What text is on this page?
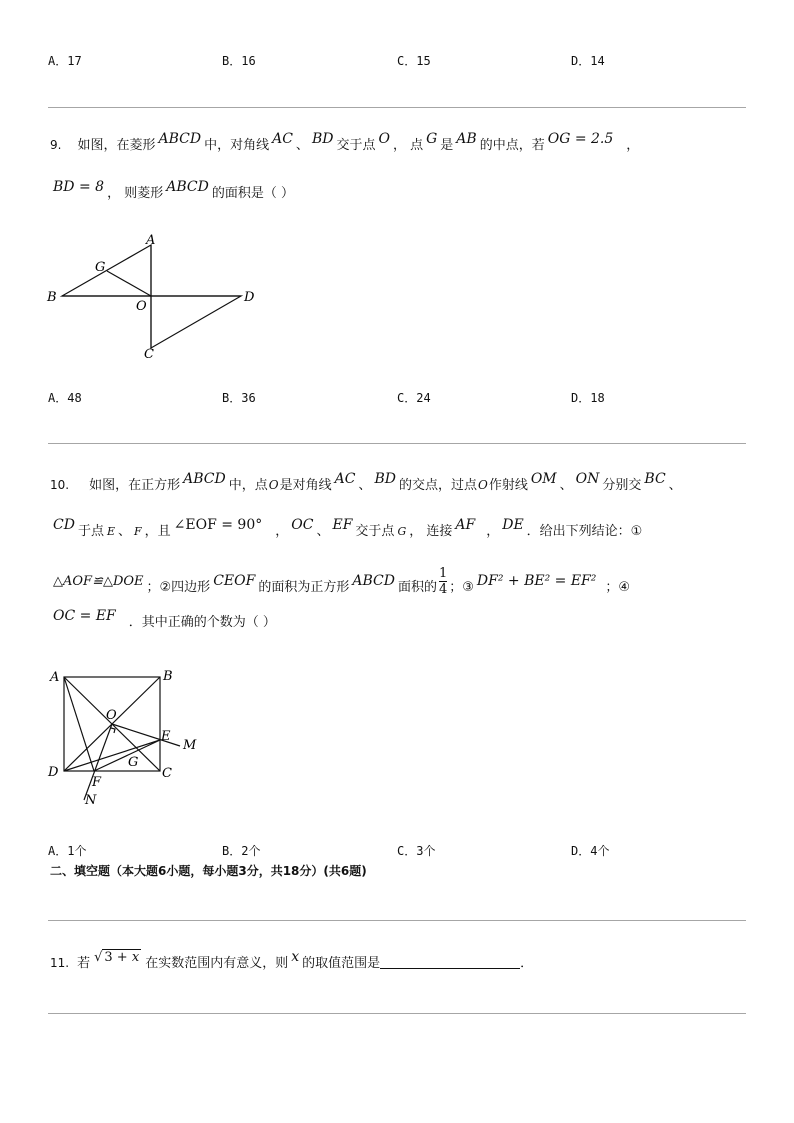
A．17	B．16	C．15	D．14
9. 如图，在菱形 ABCD 中，对角线 AC 、 BD 交于点 O ， 点 G 是 AB 的中点，若 OG = 2.5 ，
BD = 8 ， 则菱形 ABCD 的面积是（ ）
A
B
C
D
G
O
A．48	B．36	C．24	D．18
10. 如图，在正方形 ABCD 中，点O是对角线 AC 、 BD 的交点，过点O作射线 OM 、 ON 分别交 BC 、
CD 于点 E 、 F ，且 ∠EOF = 90° ， OC 、 EF 交于点 G ， 连接 AF ， DE ．给出下列结论：①
△AOF≌△DOE ；②四边形 CEOF 的面积为正方形 ABCD 面积的 $\frac{1}{4}$ ；③ DF² + BE² = EF² ；④
OC = EF ．其中正确的个数为（ ）
A	B
C
D
E
F
G
O
M
N
A．1个	B．2个	C．3个	D．4个
二、填空题（本大题6小题，每小题3分，共18分）(共6题)
11. 若 √ 3 + x 在实数范围内有意义，则 x 的取值范围是	．
